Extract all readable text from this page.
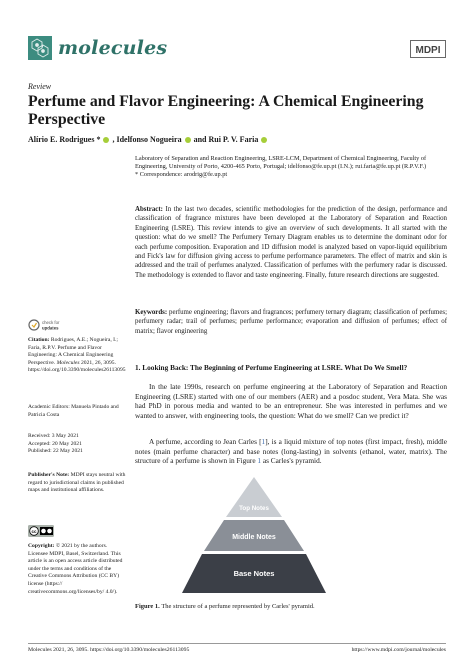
molecules	MDPI
Review
Perfume and Flavor Engineering: A Chemical Engineering Perspective
Alírio E. Rodrigues * , Idelfonso Nogueira  and Rui P. V. Faria
Laboratory of Separation and Reaction Engineering, LSRE-LCM, Department of Chemical Engineering, Faculty of Engineering, University of Porto, 4200-465 Porto, Portugal; idelfonso@fe.up.pt (I.N.); rui.faria@fe.up.pt (R.P.V.F.)
* Correspondence: arodrig@fe.up.pt
Abstract: In the last two decades, scientific methodologies for the prediction of the design, performance and classification of fragrance mixtures have been developed at the Laboratory of Separation and Reaction Engineering (LSRE). This review intends to give an overview of such developments. It all started with the question: what do we smell? The Perfumery Ternary Diagram enables us to determine the dominant odor for each perfume composition. Evaporation and 1D diffusion model is analyzed based on vapor-liquid equilibrium and Fick's law for diffusion giving access to perfume performance parameters. The effect of matrix and skin is addressed and the trail of perfumes analyzed. Classification of perfumes with the perfumery radar is discussed. The methodology is extended to flavor and taste engineering. Finally, future research directions are suggested.
Keywords: perfume engineering; flavors and fragrances; perfumery ternary diagram; classification of perfumes; perfumery radar; trail of perfumes; perfume performance; evaporation and diffusion of perfumes; effect of matrix; flavor engineering
check for
updates
Citation: Rodrigues, A.E.; Nogueira, I.; Faria, R.P.V. Perfume and Flavor Engineering: A Chemical Engineering Perspective. Molecules 2021, 26, 3095. https://doi.org/10.3390/molecules26113095
Academic Editors: Manuela Pintado and Patricia Costa
Received: 3 May 2021
Accepted: 20 May 2021
Published: 22 May 2021
Publisher's Note: MDPI stays neutral with regard to jurisdictional claims in published maps and institutional affiliations.
cc
Copyright: © 2021 by the authors. Licensee MDPI, Basel, Switzerland. This article is an open access article distributed under the terms and conditions of the Creative Commons Attribution (CC BY) license (https:// creativecommons.org/licenses/by/ 4.0/).
1. Looking Back: The Beginning of Perfume Engineering at LSRE. What Do We Smell?
In the late 1990s, research on perfume engineering at the Laboratory of Separation and Reaction Engineering (LSRE) started with one of our members (AER) and a posdoc student, Vera Mata. She was had PhD in porous media and wanted to be an entrepreneur. She was interested in perfumes and we wanted to answer, with engineering tools, the question: What do we smell? Can we predict it?
A perfume, according to Jean Carles [1], is a liquid mixture of top notes (first impact, fresh), middle notes (main perfume character) and base notes (long-lasting) in solvents (ethanol, water, matrix). The structure of a perfume is shown in Figure 1 as Carles's pyramid.
Top Notes
Middle Notes
Base Notes
Figure 1. The structure of a perfume represented by Carles' pyramid.
Molecules 2021, 26, 3095. https://doi.org/10.3390/molecules26113095	https://www.mdpi.com/journal/molecules
